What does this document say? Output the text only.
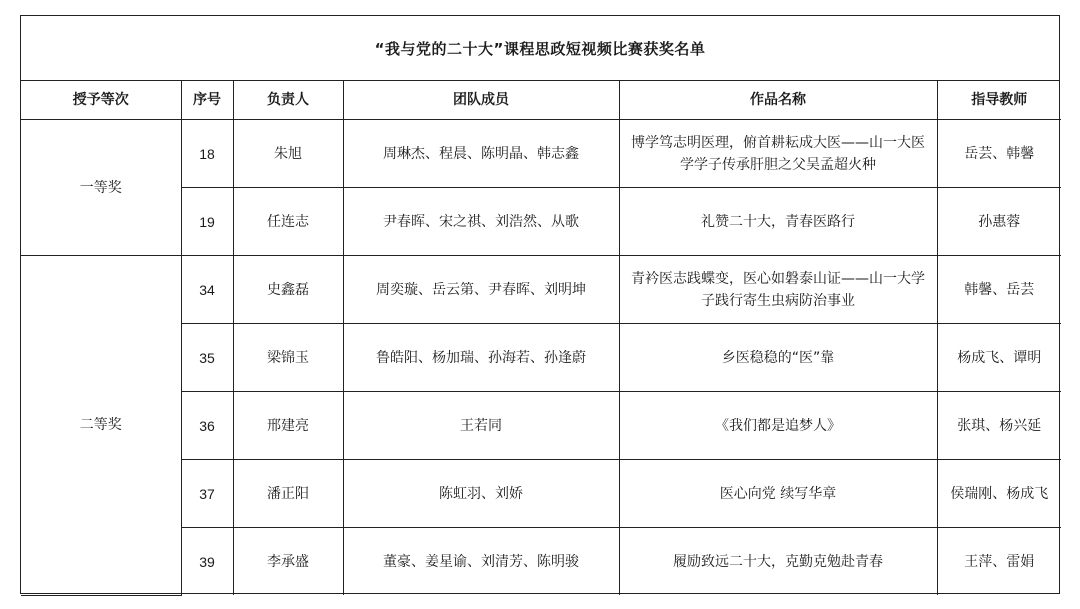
“我与党的二十大”课程思政短视频比赛获奖名单
授予等次	序号	负责人	团队成员	作品名称	指导教师
一等奖	18	朱旭	周琳杰、程晨、陈明晶、韩志鑫	博学笃志明医理，俯首耕耘成大医——山一大医学学子传承肝胆之父吴孟超火种	岳芸、韩馨
	19	任连志	尹春晖、宋之祺、刘浩然、从歌	礼赞二十大，青春医路行	孙惠蓉
二等奖	34	史鑫磊	周奕璇、岳云第、尹春晖、刘明坤	青衿医志践蝶变，医心如磐泰山证——山一大学子践行寄生虫病防治事业	韩馨、岳芸
	35	梁锦玉	鲁皓阳、杨加瑞、孙海若、孙逢蔚	乡医稳稳的“医”靠	杨成飞、谭明
	36	邢建亮	王若同	《我们都是追梦人》	张琪、杨兴延
	37	潘正阳	陈虹羽、刘娇	医心向党 续写华章	侯瑞刚、杨成飞
	39	李承盛	董豪、姜星谕、刘清芳、陈明骏	履励致远二十大，克勤克勉赴青春	王萍、雷娟
